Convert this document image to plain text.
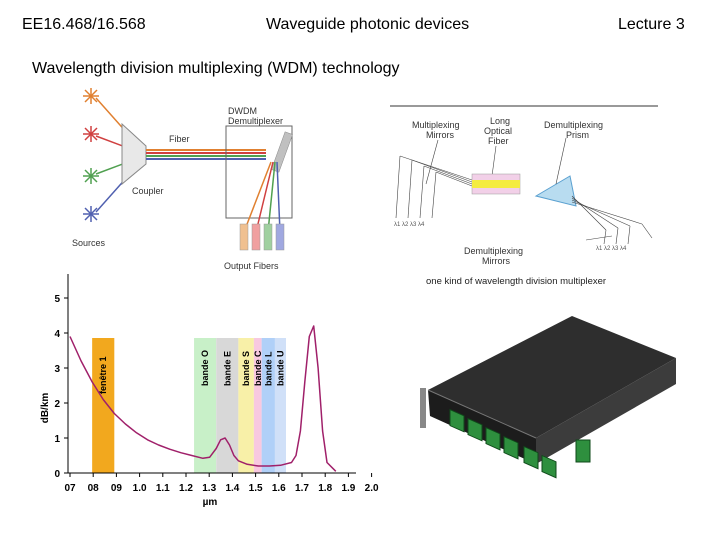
EE16.468/16.568	Waveguide photonic devices	Lecture 3
Wavelength division multiplexing (WDM) technology
DWDM
Demultiplexer
Fiber
Coupler
Sources
Output Fibers
Multiplexing
Mirrors
Long
Optical
Fiber
Demultiplexing
Prism
λ1 λ2 λ3 λ4
λ1 λ2 λ3 λ4
Demultiplexing
Mirrors
one kind of wavelength division multiplexer
fenêtre 1	bande O bande E bande S bande C bande L bande U
0
1
2
3
4
5
07 08 09 1.0 1.1 1.2 1.3 1.4 1.5 1.6 1.7 1.8 1.9 2.0
dB/km
µm
